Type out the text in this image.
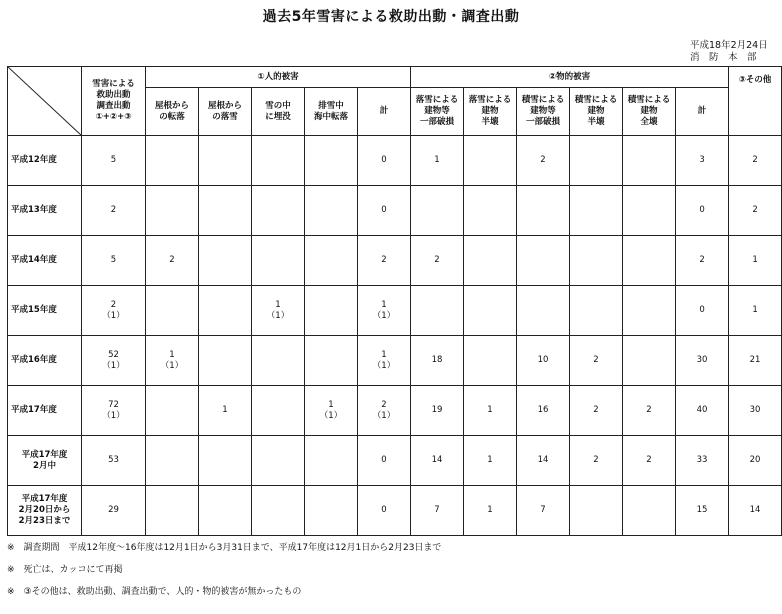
過去5年雪害による救助出動・調査出動
平成18年2月24日
消　防　本　部
	雪害による
救助出動
調査出動
①+②+③	①人的被害					②物的被害						③その他
		屋根から
の転落	屋根から
の落雪	雪の中
に埋没	排雪中
海中転落	計	落雪による
建物等
一部破損	落雪による
建物
半壊	積雪による
建物等
一部破損	積雪による
建物
半壊	積雪による
建物
全壊	計	
平成12年度	5					0	1		2			3	2
平成13年度	2					0						0	2
平成14年度	5	2				2	2					2	1
平成15年度	2
（1）			1
（1）		1
（1）						0	1
平成16年度	52
（1）	1
（1）				1
（1）	18		10	2		30	21
平成17年度	72
（1）		1		1
（1）	2
（1）	19	1	16	2	2	40	30
平成17年度
2月中	53					0	14	1	14	2	2	33	20
平成17年度
2月20日から
2月23日まで	29					0	7	1	7			15	14
※　調査期間　平成12年度～16年度は12月1日から3月31日まで、平成17年度は12月1日から2月23日まで
※　死亡は、カッコにて再掲
※　③その他は、救助出動、調査出動で、人的・物的被害が無かったもの
